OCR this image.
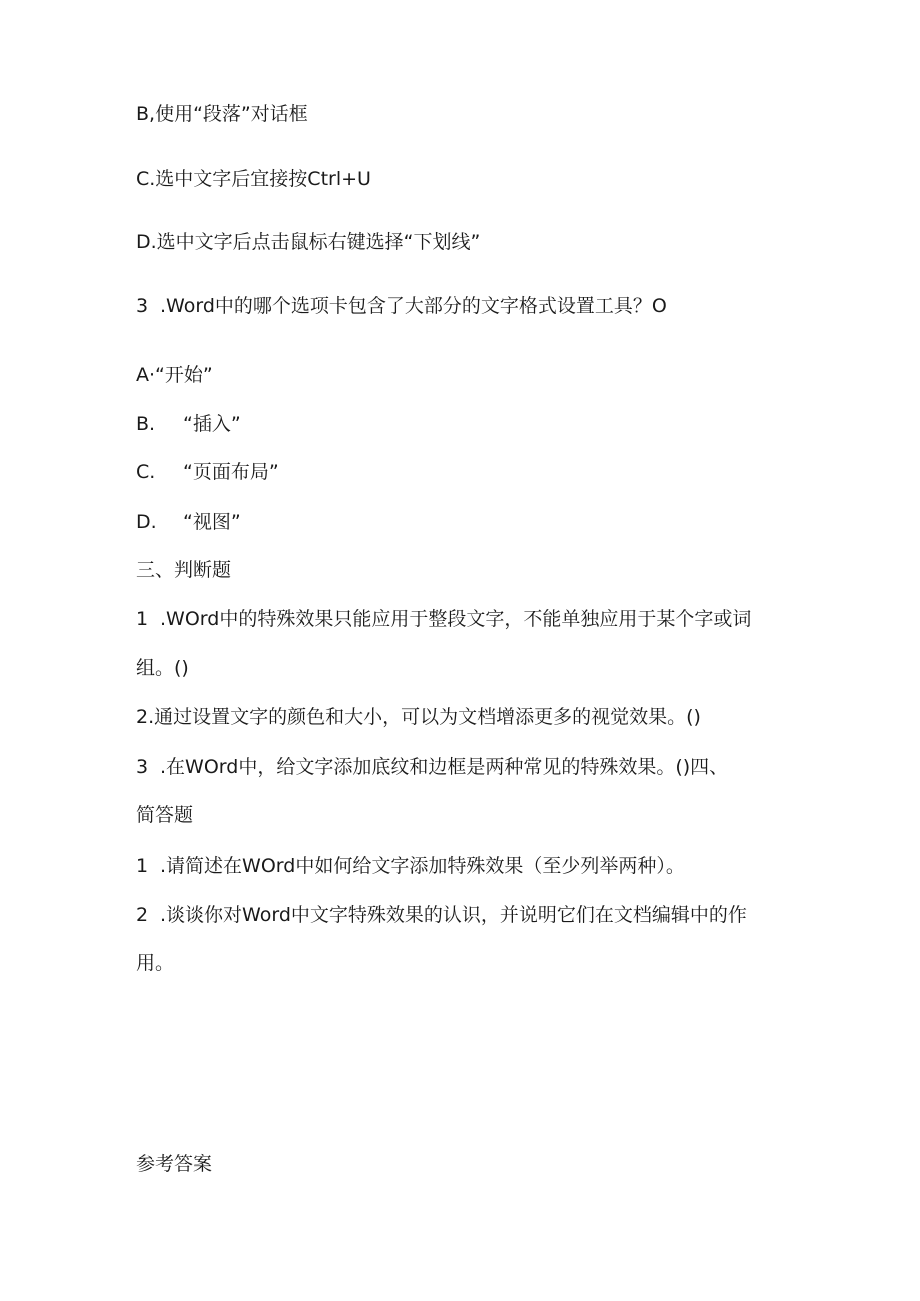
B,使用“段落”对话框
C.选中文字后宜接按Ctrl+U
D.选中文字后点击鼠标右键选择“下划线”
3 .Word中的哪个选项卡包含了大部分的文字格式设置工具？O
A·“开始”
B. “插入”
C. “页面布局”
D. “视图”
三、判断题
1 .WOrd中的特殊效果只能应用于整段文字，不能单独应用于某个字或词
组。()
2.通过设置文字的颜色和大小，可以为文档增添更多的视觉效果。()
3 .在WOrd中，给文字添加底纹和边框是两种常见的特殊效果。()四、
简答题
1 .请简述在WOrd中如何给文字添加特殊效果（至少列举两种）。
2 .谈谈你对Word中文字特殊效果的认识，并说明它们在文档编辑中的作
用。
参考答案
